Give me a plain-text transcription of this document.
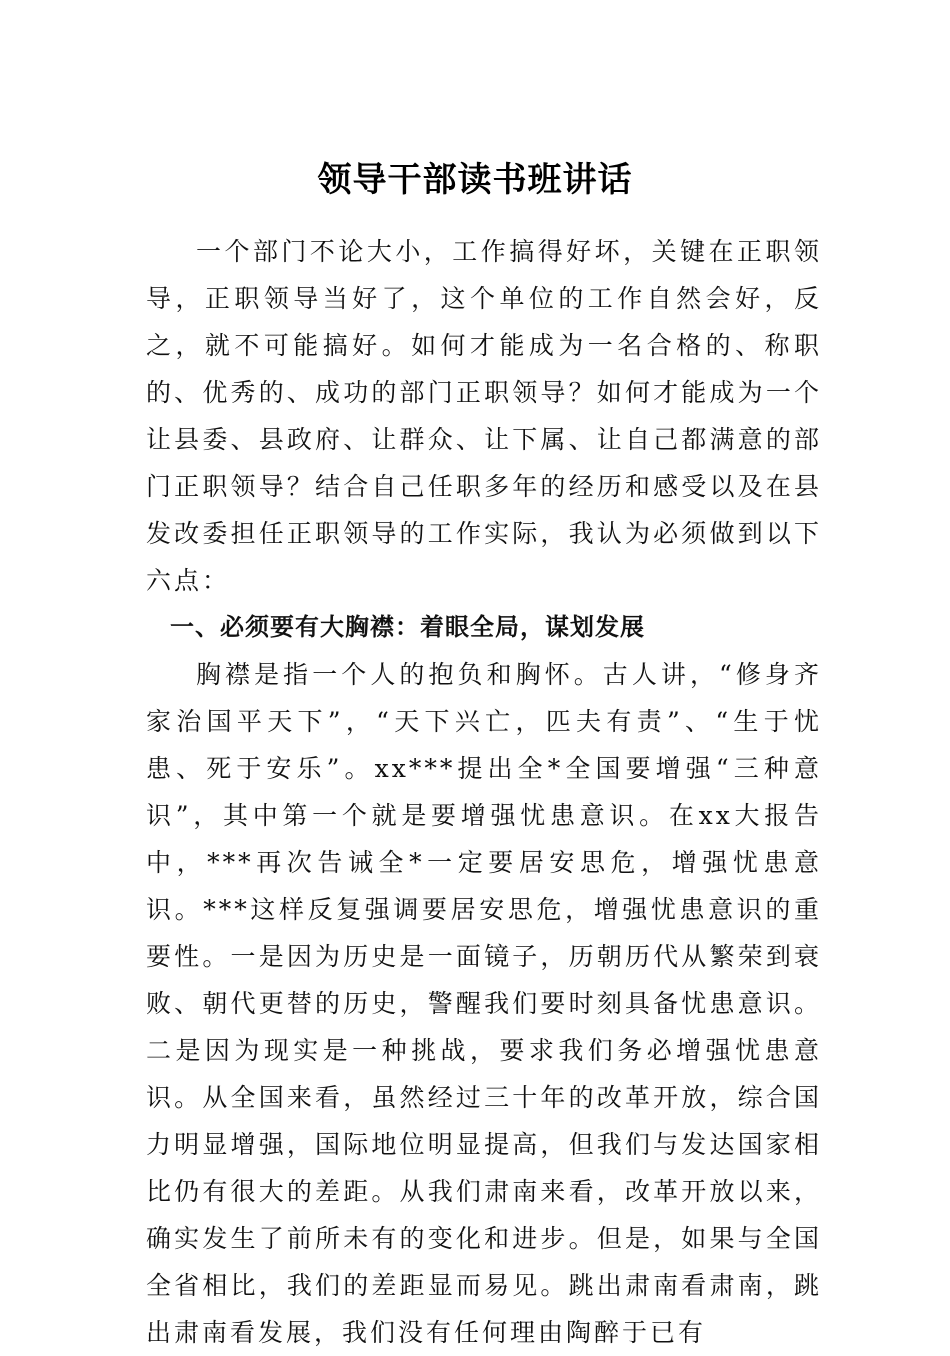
领导干部读书班讲话

一个部门不论大小，工作搞得好坏，关键在正职领导，正职领导当好了，这个单位的工作自然会好，反之，就不可能搞好。如何才能成为一名合格的、称职的、优秀的、成功的部门正职领导？如何才能成为一个让县委、县政府、让群众、让下属、让自己都满意的部门正职领导？结合自己任职多年的经历和感受以及在县发改委担任正职领导的工作实际，我认为必须做到以下六点：

一、必须要有大胸襟：着眼全局，谋划发展

胸襟是指一个人的抱负和胸怀。古人讲，“修身齐家治国平天下”，“天下兴亡，匹夫有责”、“生于忧患、死于安乐”。xx***提出全*全国要增强“三种意识”，其中第一个就是要增强忧患意识。在xx大报告中，***再次告诫全*一定要居安思危，增强忧患意识。***这样反复强调要居安思危，增强忧患意识的重要性。一是因为历史是一面镜子，历朝历代从繁荣到衰败、朝代更替的历史，警醒我们要时刻具备忧患意识。二是因为现实是一种挑战，要求我们务必增强忧患意识。从全国来看，虽然经过三十年的改革开放，综合国力明显增强，国际地位明显提高，但我们与发达国家相比仍有很大的差距。从我们肃南来看，改革开放以来，确实发生了前所未有的变化和进步。但是，如果与全国全省相比，我们的差距显而易见。跳出肃南看肃南，跳出肃南看发展，我们没有任何理由陶醉于已有
